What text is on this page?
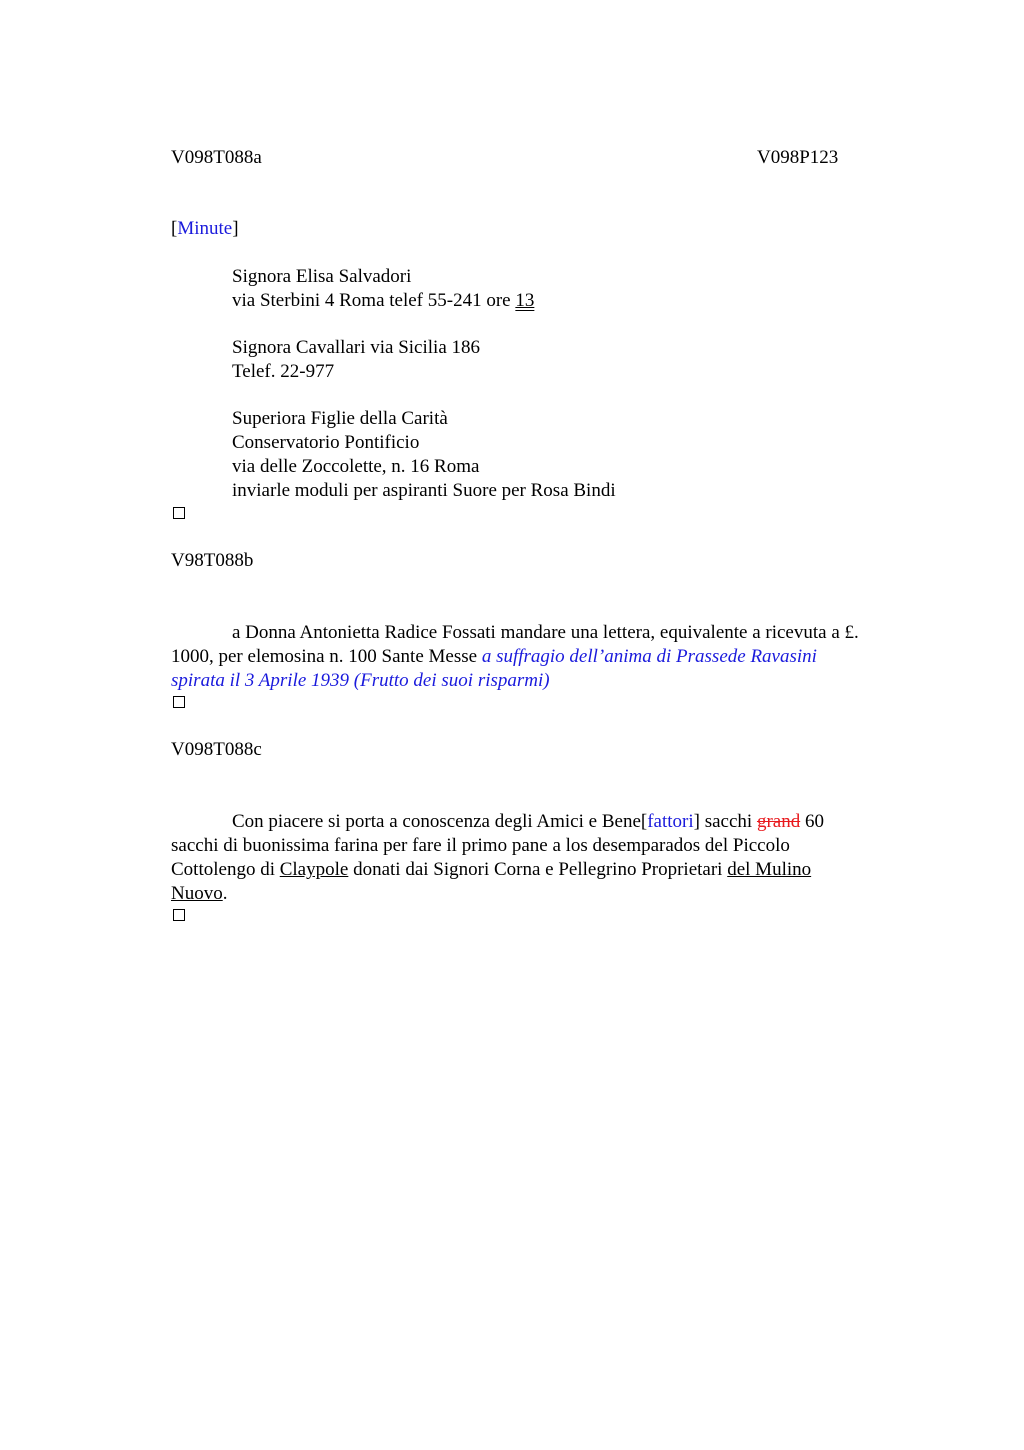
V098T088a	V098P123
[Minute]
Signora Elisa Salvadori
via Sterbini 4 Roma telef 55-241 ore 13
Signora Cavallari via Sicilia 186
Telef. 22-977
Superiora Figlie della Carità
Conservatorio Pontificio
via delle Zoccolette, n. 16 Roma
inviarle moduli per aspiranti Suore per Rosa Bindi
V98T088b
a Donna Antonietta Radice Fossati mandare una lettera, equivalente a ricevuta a £.
1000, per elemosina n. 100 Sante Messe a suffragio dell’anima di Prassede Ravasini
spirata il 3 Aprile 1939 (Frutto dei suoi risparmi)
V098T088c
Con piacere si porta a conoscenza degli Amici e Bene[fattori] sacchi grand 60
sacchi di buonissima farina per fare il primo pane a los desemparados del Piccolo
Cottolengo di Claypole donati dai Signori Corna e Pellegrino Proprietari del Mulino
Nuovo.
